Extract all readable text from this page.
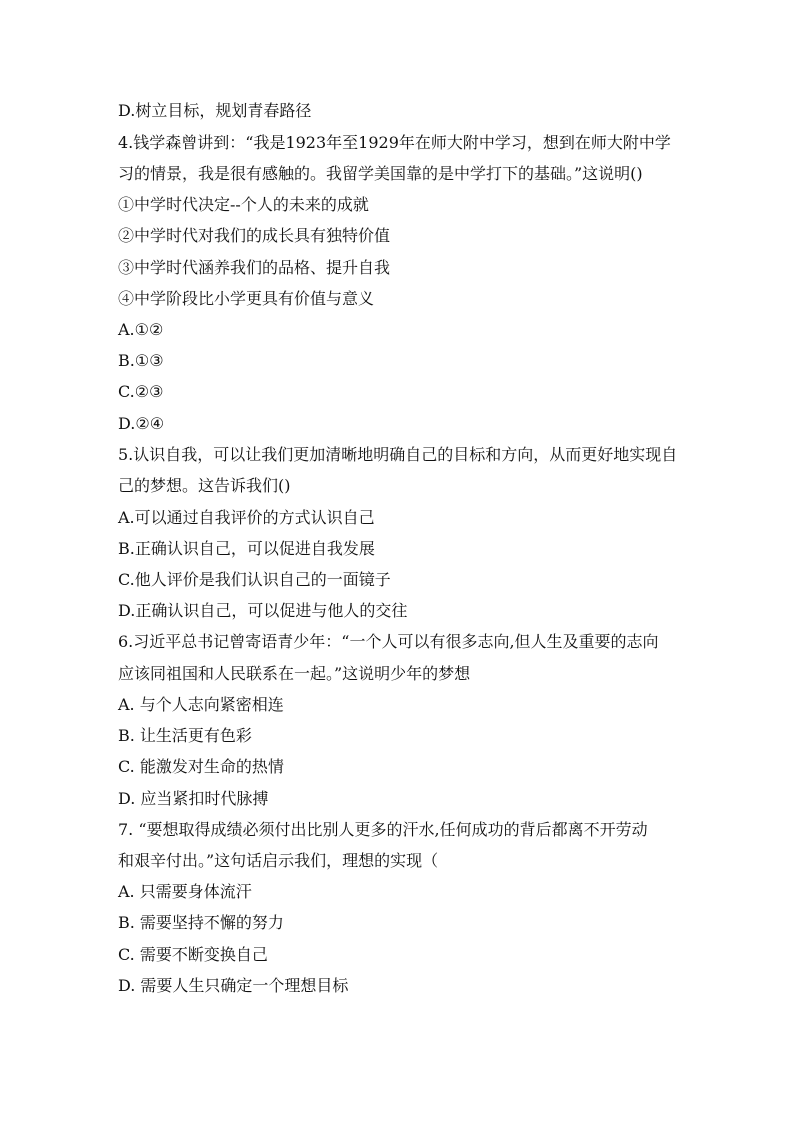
D.树立目标，规划青春路径
4.钱学森曾讲到：“我是1923年至1929年在师大附中学习，想到在师大附中学
习的情景，我是很有感触的。我留学美国靠的是中学打下的基础。”这说明()
①中学时代决定--个人的未来的成就
②中学时代对我们的成长具有独特价值
③中学时代涵养我们的品格、提升自我
④中学阶段比小学更具有价值与意义
A.①②
B.①③
C.②③
D.②④
5.认识自我，可以让我们更加清晰地明确自己的目标和方向，从而更好地实现自
己的梦想。这告诉我们()
A.可以通过自我评价的方式认识自己
B.正确认识自己，可以促进自我发展
C.他人评价是我们认识自己的一面镜子
D.正确认识自己，可以促进与他人的交往
6.习近平总书记曾寄语青少年：“一个人可以有很多志向,但人生及重要的志向
应该同祖国和人民联系在一起。”这说明少年的梦想
A. 与个人志向紧密相连
B. 让生活更有色彩
C. 能激发对生命的热情
D. 应当紧扣时代脉搏
7. “要想取得成绩必须付出比别人更多的汗水,任何成功的背后都离不开劳动
和艰辛付出。”这句话启示我们，理想的实现（
A. 只需要身体流汗
B. 需要坚持不懈的努力
C. 需要不断变换自己
D. 需要人生只确定一个理想目标
